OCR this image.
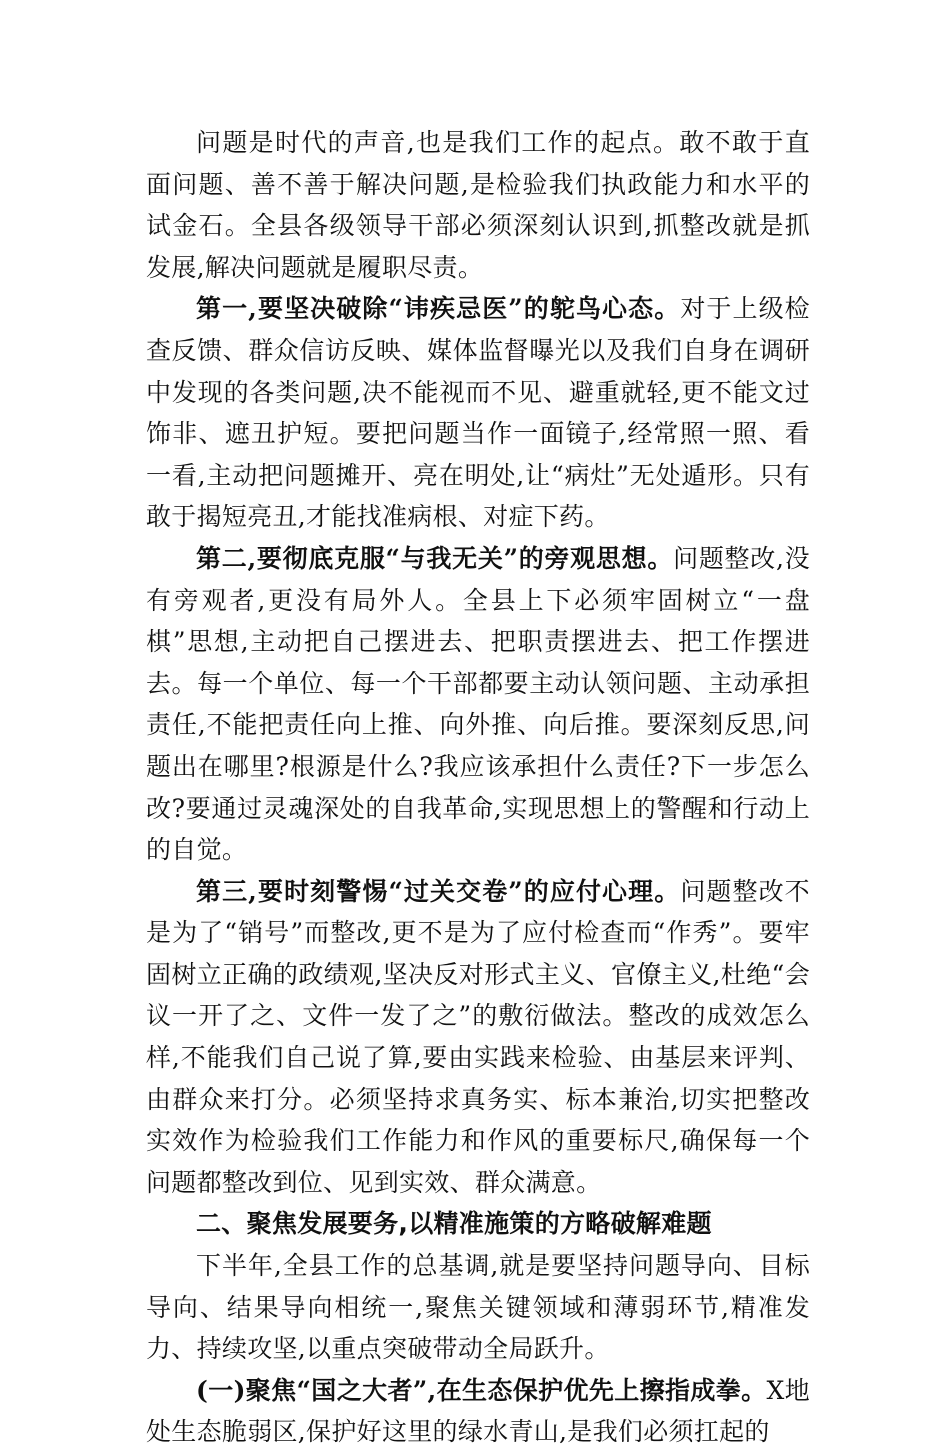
问题是时代的声音,也是我们工作的起点。敢不敢于直面问题、善不善于解决问题,是检验我们执政能力和水平的试金石。全县各级领导干部必须深刻认识到,抓整改就是抓发展,解决问题就是履职尽责。

第一,要坚决破除“讳疾忌医”的鸵鸟心态。对于上级检查反馈、群众信访反映、媒体监督曝光以及我们自身在调研中发现的各类问题,决不能视而不见、避重就轻,更不能文过饰非、遮丑护短。要把问题当作一面镜子,经常照一照、看一看,主动把问题摊开、亮在明处,让“病灶”无处遁形。只有敢于揭短亮丑,才能找准病根、对症下药。

第二,要彻底克服“与我无关”的旁观思想。问题整改,没有旁观者,更没有局外人。全县上下必须牢固树立“一盘棋”思想,主动把自己摆进去、把职责摆进去、把工作摆进去。每一个单位、每一个干部都要主动认领问题、主动承担责任,不能把责任向上推、向外推、向后推。要深刻反思,问题出在哪里?根源是什么?我应该承担什么责任?下一步怎么改?要通过灵魂深处的自我革命,实现思想上的警醒和行动上的自觉。

第三,要时刻警惕“过关交卷”的应付心理。问题整改不是为了“销号”而整改,更不是为了应付检查而“作秀”。要牢固树立正确的政绩观,坚决反对形式主义、官僚主义,杜绝“会议一开了之、文件一发了之”的敷衍做法。整改的成效怎么样,不能我们自己说了算,要由实践来检验、由基层来评判、由群众来打分。必须坚持求真务实、标本兼治,切实把整改实效作为检验我们工作能力和作风的重要标尺,确保每一个问题都整改到位、见到实效、群众满意。

二、聚焦发展要务,以精准施策的方略破解难题

下半年,全县工作的总基调,就是要坚持问题导向、目标导向、结果导向相统一,聚焦关键领域和薄弱环节,精准发力、持续攻坚,以重点突破带动全局跃升。

(一)聚焦“国之大者”,在生态保护优先上擦指成拳。X地处生态脆弱区,保护好这里的绿水青山,是我们必须扛起的
